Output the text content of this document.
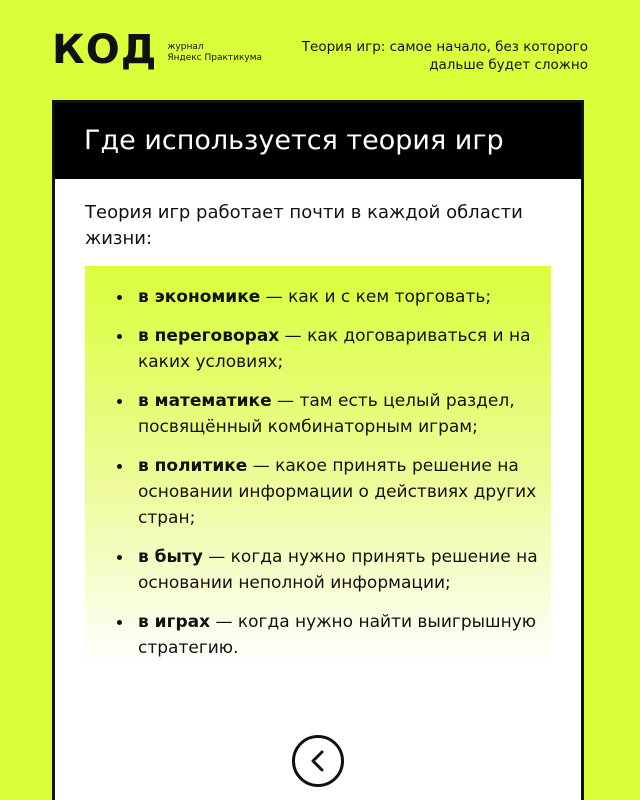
КОД журнал
Яндекс Практикума
Теория игр: самое начало, без которого
дальше будет сложно
Где используется теория игр
Теория игр работает почти в каждой области жизни:
в экономике — как и с кем торговать;
в переговорах — как договариваться и на каких условиях;
в математике — там есть целый раздел, посвящённый комбинаторным играм;
в политике — какое принять решение на основании информации о действиях других стран;
в быту — когда нужно принять решение на основании неполной информации;
в играх — когда нужно найти выигрышную стратегию.
